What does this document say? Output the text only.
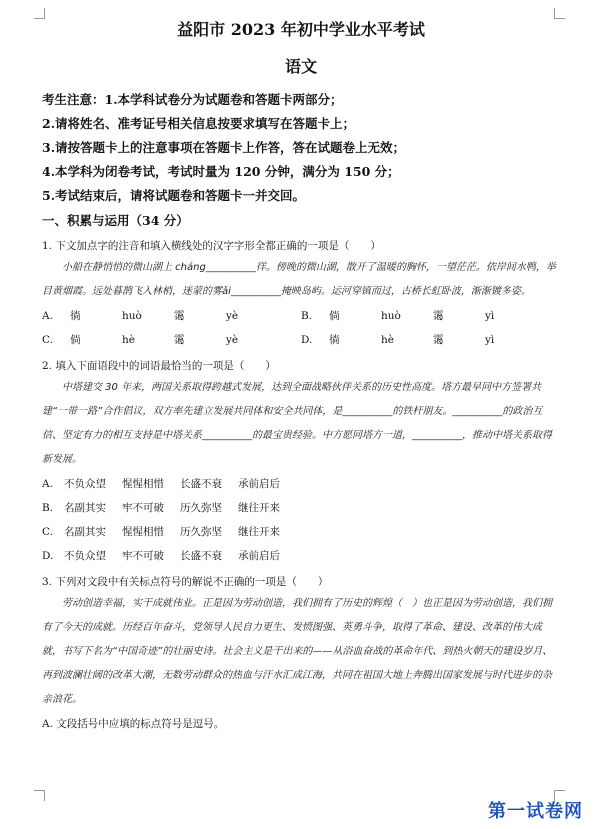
益阳市 2023 年初中学业水平考试
语文
考生注意：1.本学科试卷分为试题卷和答题卡两部分；
2.请将姓名、准考证号相关信息按要求填写在答题卡上；
3.请按答题卡上的注意事项在答题卡上作答，答在试题卷上无效；
4.本学科为闭卷考试，考试时量为 120 分钟，满分为 150 分；
5.考试结束后，请将试题卷和答题卡一并交回。
一、积累与运用（34 分）
1. 下文加点字的注音和填入横线处的汉字字形全都正确的一项是（　　）
小船在静悄悄的微山湖上 cháng__________徉。傍晚的微山湖，散开了温暖的胸怀，一望茫茫。依岸间水鸭，举目黄烟霞。远处暮鹊飞入林梢，迷蒙的雾ǎi__________掩映岛屿。运河穿镇而过，古桥长虹卧波，渐渐镀多姿。
A.	徜	huò	霭	yè	B.	倘	huò	霭	yì
C.	倘	hè	霭	yè	D.	徜	hè	霭	yì
2. 填入下面语段中的词语最恰当的一项是（　　）
中塔建交 30 年来，两国关系取得跨越式发展，达到全面战略伙伴关系的历史性高度。塔方最早同中方签署共建“一带一路”合作倡议，双方率先建立发展共同体和安全共同体，是__________的铁杆朋友。__________的政治互信、坚定有力的相互支持是中塔关系__________的最宝贵经验。中方愿同塔方一道，__________，推动中塔关系取得新发展。
A.	不负众望	惺惺相惜	长盛不衰	承前启后
B.	名副其实	牢不可破	历久弥坚	继往开来
C.	名副其实	惺惺相惜	历久弥坚	继往开来
D.	不负众望	牢不可破	长盛不衰	承前启后
3. 下列对文段中有关标点符号的解说不正确的一项是（　　）
劳动创造幸福，实干成就伟业。正是因为劳动创造，我们拥有了历史的辉煌（　）也正是因为劳动创造，我们拥有了今天的成就。历经百年奋斗，党领导人民自力更生、发愤图强、英勇斗争，取得了革命、建设、改革的伟大成就，书写下名为“中国奇迹”的壮丽史诗。社会主义是干出来的——从浴血奋战的革命年代、到热火朝天的建设岁月、再到波澜壮阔的改革大潮，无数劳动群众的热血与汗水汇成江海，共同在祖国大地上奔腾出国家发展与时代进步的杂亲浪花。
A. 文段括号中应填的标点符号是逗号。
第一试卷网
